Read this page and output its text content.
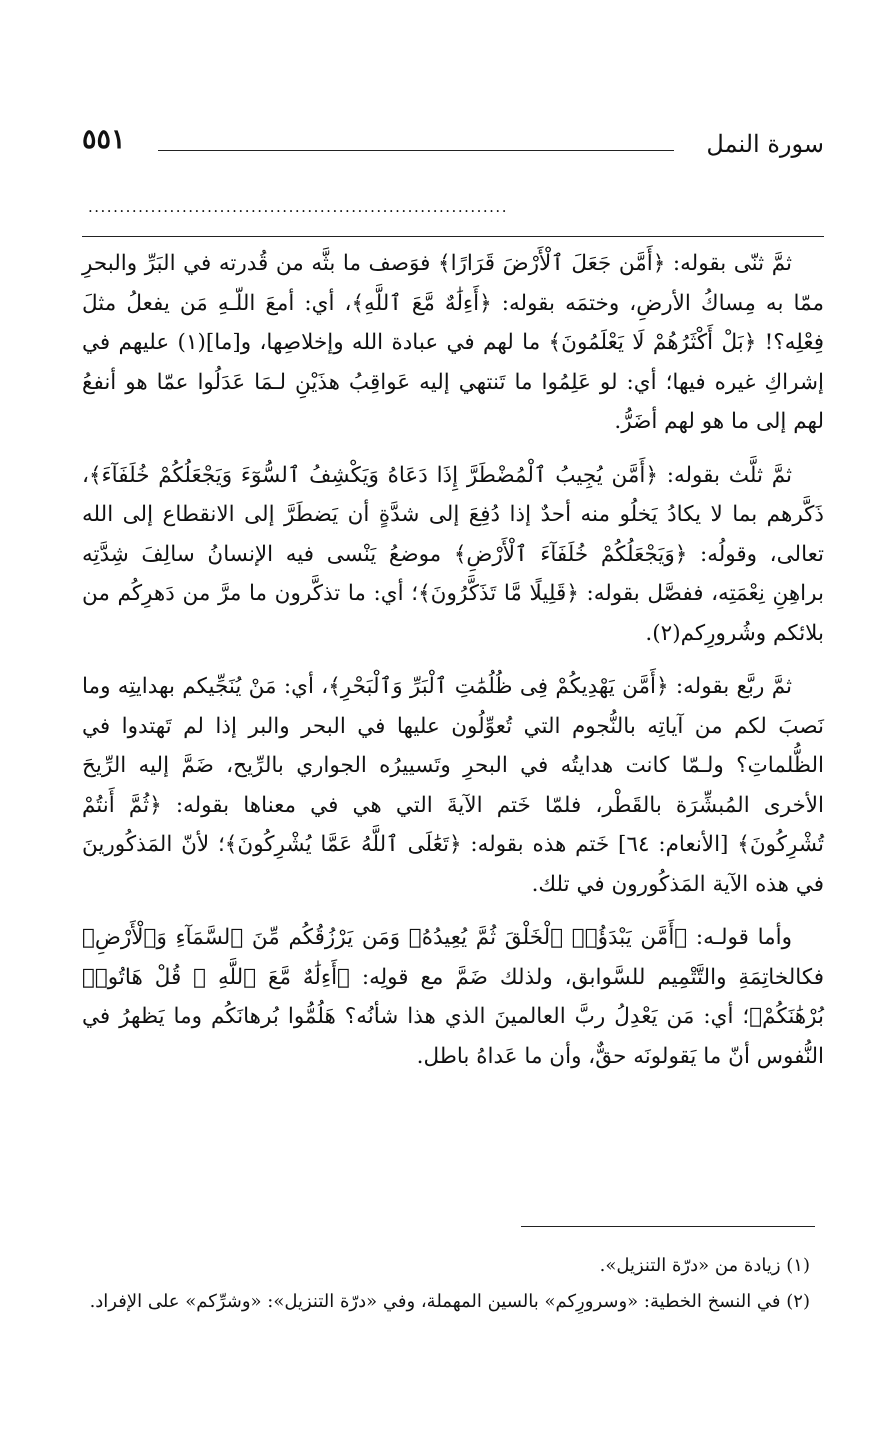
سورة النمل
٥٥١
...................................................................

ثمَّ ثنّى بقوله: ﴿أَمَّن جَعَلَ ٱلْأَرْضَ قَرَارًا﴾ فوَصف ما بثَّه من قُدرته في البَرِّ والبحرِ ممّا به مِساكُ الأرضِ، وختمَه بقوله: ﴿أَءِلَٰهٌ مَّعَ ٱللَّهِ﴾، أي: أمعَ اللّـهِ مَن يفعلُ مثلَ فِعْلِه؟! ﴿بَلْ أَكْثَرُهُمْ لَا يَعْلَمُونَ﴾ ما لهم في عبادة الله وإخلاصِها، و[ما](١) عليهم في إشراكِ غيره فيها؛ أي: لو عَلِمُوا ما تَنتهي إليه عَواقِبُ هذَيْنِ لـمَا عَدَلُوا عمّا هو أنفعُ لهم إلى ما هو لهم أضَرُّ.

ثمَّ ثلَّث بقوله: ﴿أَمَّن يُجِيبُ ٱلْمُضْطَرَّ إِذَا دَعَاهُ وَيَكْشِفُ ٱلسُّوٓءَ وَيَجْعَلُكُمْ خُلَفَآءَ﴾، ذَكَّرهم بما لا يكادُ يَخلُو منه أحدٌ إذا دُفِعَ إلى شدَّةٍ أن يَضطَرَّ إلى الانقطاع إلى الله تعالى، وقولُه: ﴿وَيَجْعَلُكُمْ خُلَفَآءَ ٱلْأَرْضِ﴾ موضعُ يَنْسى فيه الإنسانُ سالِفَ شِدَّتِه براهِنِ نِعْمَتِه، ففصَّل بقوله: ﴿قَلِيلًا مَّا تَذَكَّرُونَ﴾؛ أي: ما تذكَّرون ما مرَّ من دَهرِكُم من بلائكم وشُرورِكم(٢).

ثمَّ ربَّع بقوله: ﴿أَمَّن يَهْدِيكُمْ فِى ظُلُمَٰتِ ٱلْبَرِّ وَٱلْبَحْرِ﴾، أي: مَنْ يُنَجِّيكم بهدايتِه وما نَصبَ لكم من آياتِه بالنُّجوم التي تُعوِّلُون عليها في البحر والبر إذا لم تَهتدوا في الظُّلماتِ؟ ولـمّا كانت هدايتُه في البحرِ وتَسييرُه الجواري بالرِّيح، ضَمَّ إليه الرِّيحَ الأخرى المُبشِّرَة بالقَطْر، فلمّا خَتم الآيةَ التي هي في معناها بقوله: ﴿ثُمَّ أَنتُمْ تُشْرِكُونَ﴾ [الأنعام: ٦٤] خَتم هذه بقوله: ﴿تَعَٰلَى ٱللَّهُ عَمَّا يُشْرِكُونَ﴾؛ لأنّ المَذكُورينَ في هذه الآية المَذكُورون في تلك.

وأما قولـه: ﴿أَمَّن يَبْدَؤُا۟ ٱلْخَلْقَ ثُمَّ يُعِيدُهُۥ وَمَن يَرْزُقُكُم مِّنَ ٱلسَّمَآءِ وَٱلْأَرْضِ﴾ فكالخاتِمَةِ والتَّتْمِيم للسَّوابق، ولذلك ضَمَّ مع قولِه: ﴿أَءِلَٰهٌ مَّعَ ٱللَّهِ ۚ قُلْ هَاتُوا۟ بُرْهَٰنَكُمْ﴾؛ أي: مَن يَعْدِلُ ربَّ العالمينَ الذي هذا شأنُه؟ هَلُمُّوا بُرهانَكُم وما يَظهرُ في النُّفوس أنّ ما يَقولونَه حقٌّ، وأن ما عَداهُ باطل.

(١) زيادة من «درّة التنزيل».

(٢) في النسخ الخطية: «وسرورِكم» بالسين المهملة، وفي «درّة التنزيل»: «وشرِّكم» على الإفراد.
